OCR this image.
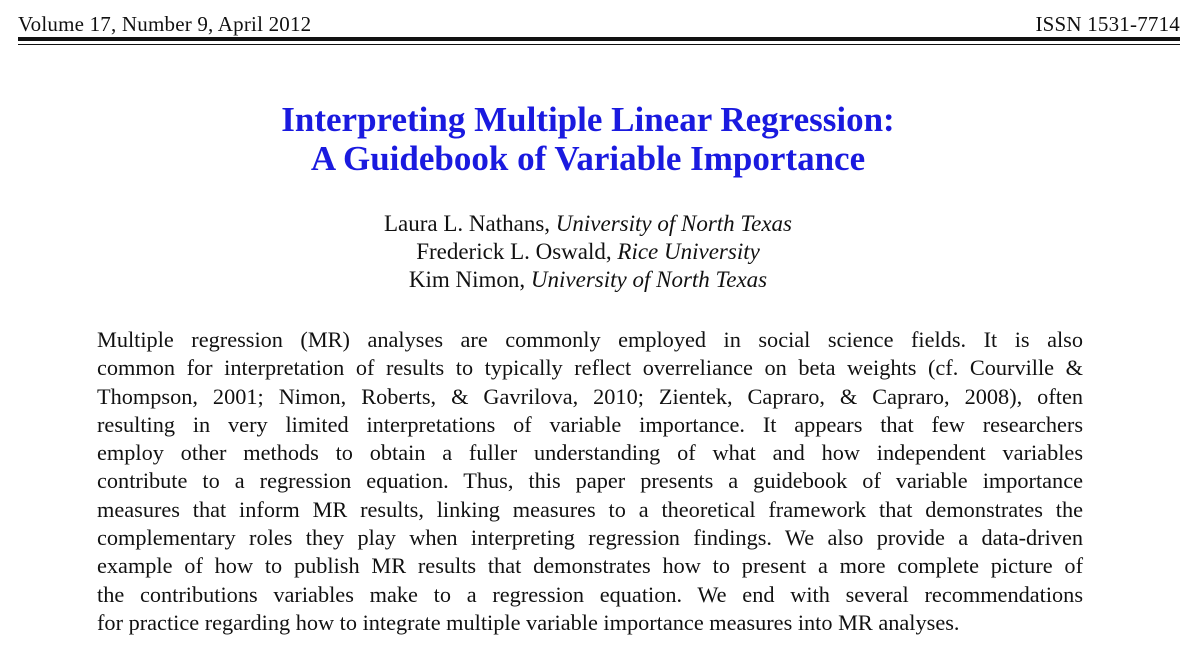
Volume 17, Number 9, April 2012	ISSN 1531-7714
Interpreting Multiple Linear Regression:
A Guidebook of Variable Importance
Laura L. Nathans, University of North Texas
Frederick L. Oswald, Rice University
Kim Nimon, University of North Texas
Multiple regression (MR) analyses are commonly employed in social science fields. It is also
common for interpretation of results to typically reflect overreliance on beta weights (cf. Courville &
Thompson, 2001; Nimon, Roberts, & Gavrilova, 2010; Zientek, Capraro, & Capraro, 2008), often
resulting in very limited interpretations of variable importance. It appears that few researchers
employ other methods to obtain a fuller understanding of what and how independent variables
contribute to a regression equation. Thus, this paper presents a guidebook of variable importance
measures that inform MR results, linking measures to a theoretical framework that demonstrates the
complementary roles they play when interpreting regression findings. We also provide a data-driven
example of how to publish MR results that demonstrates how to present a more complete picture of
the contributions variables make to a regression equation. We end with several recommendations
for practice regarding how to integrate multiple variable importance measures into MR analyses.
